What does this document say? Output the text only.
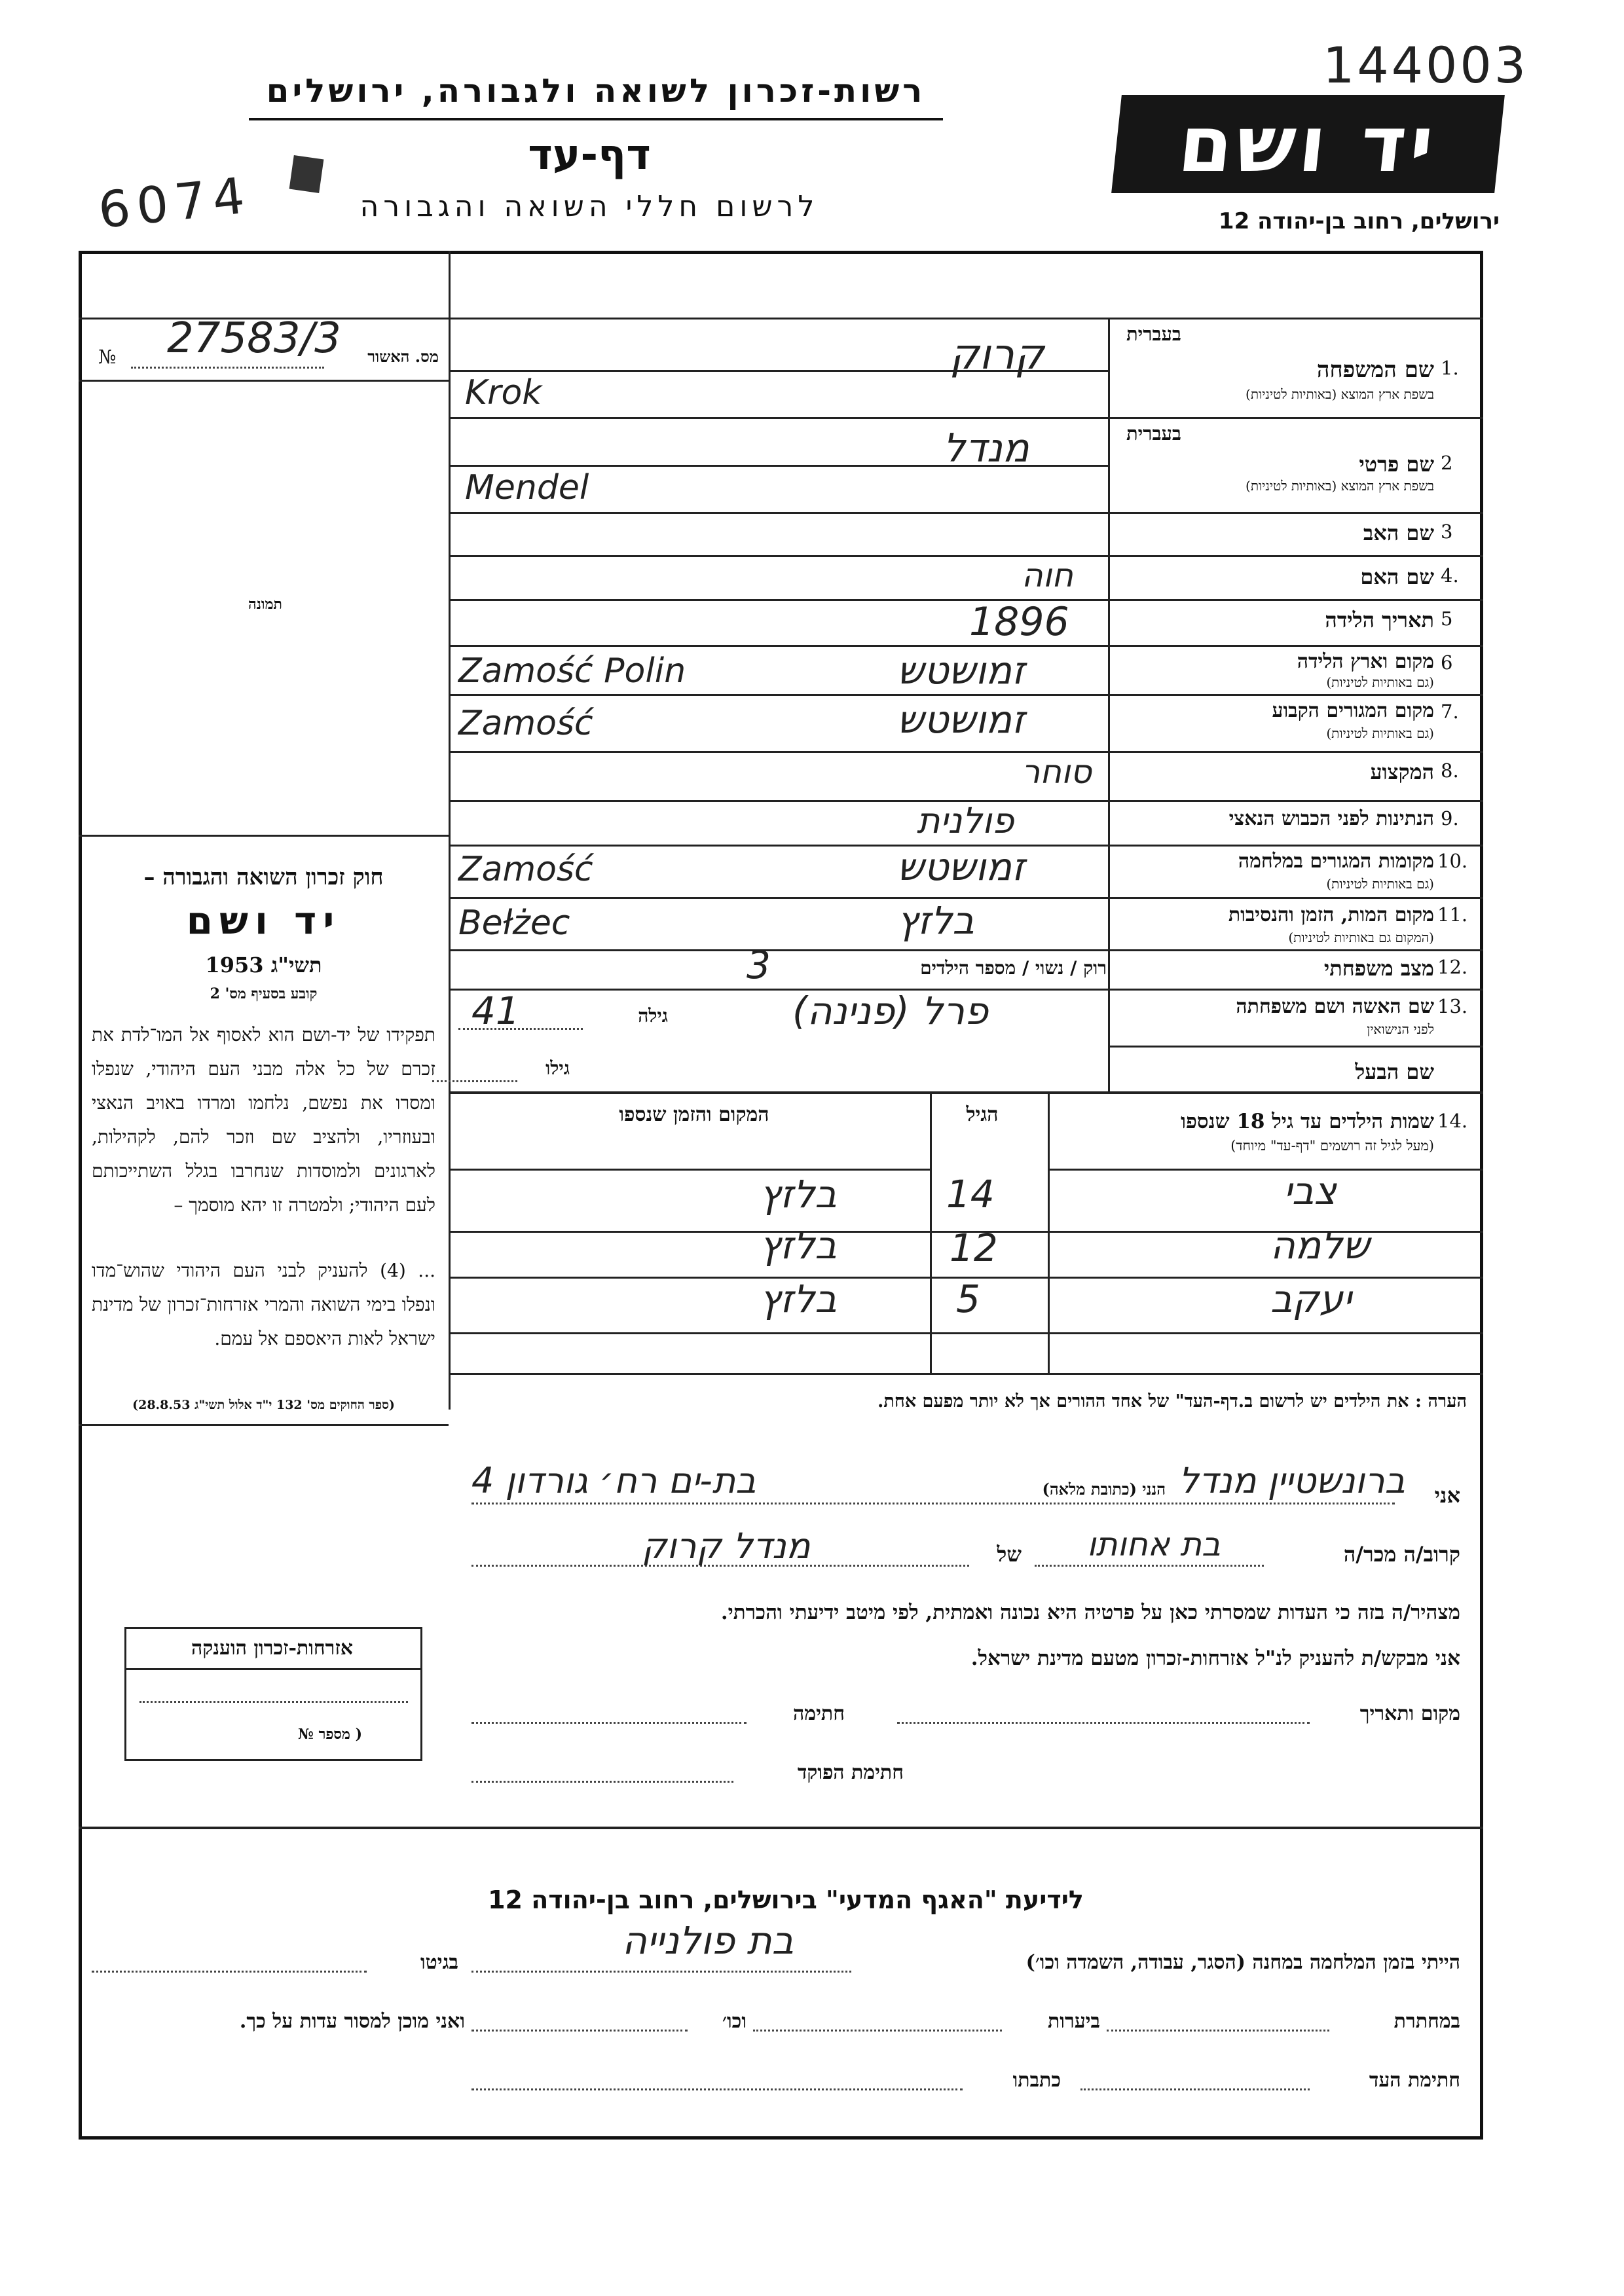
144003
6074
רשות-זכרון לשואה ולגבורה, ירושלים
דף-עד
לרשום חללי השואה והגבורה
יד ושם
ירושלים, רחוב בן-יהודה 12
מס. האשור
№ 27583/3
תמונה
בעברית
1.
שם המשפחה
בשפת ארץ המוצא (באותיות לטיניות)
קרוק
Krok
בעברית
2
שם פרטי
בשפת ארץ המוצא (באותיות לטיניות)
מנדל
Mendel
3
שם האב
4.
שם האם
חוה
5
תאריך הלידה
1896
6
מקום וארץ הלידה
(גם באותיות לטיניות)
זמושטש
Zamość Polin
7.
מקום המגורים הקבוע
(גם באותיות לטיניות)
זמושטש
Zamość
8.
המקצוע
סוחר
9.
הנתינות לפני הכבוש הנאצי
פולנית
10.
מקומות המגורים במלחמה
(גם באותיות לטיניות)
זמושטש
Zamość
11.
מקום המות, הזמן והנסיבות
(המקום גם באותיות לטיניות)
בלזץ
Bełżec
12.
מצב משפחתי
רוק / נשוי / מספר הילדים
3
13.
שם האשה ושם משפחתה
לפני הנישואין
פרל (פנינה)
גילה
41
שם הבעל
גילו
14.
שמות הילדים עד גיל 18 שנספו
(מעל לגיל זה רושמים "דף-עד" מיוחד)
הגיל
המקום והזמן שנספו
צבי
14
בלזץ
שלמה
12
בלזץ
יעקב
5
בלזץ
חוק זכרון השואה והגבורה –
יד ושם
תשי"ג 1953
קובע בסעיף מס' 2
תפקידו של יד-ושם הוא לאסוף אל המו־לדת את זכרם של כל אלה מבני העם היהודי, שנפלו ומסרו את נפשם, נלחמו ומרדו באויב הנאצי ובעוזריו, ולהציב שם וזכר להם, לקהילות, לארגונים ולמוסדות שנחרבו בגלל השתייכותם לעם היהודי; ולמטרה זו יהא מוסמך –
... (4) להעניק לבני העם היהודי שהוש־מדו ונפלו בימי השואה והמרי אזרחות־זכרון של מדינת ישראל לאות היאספם אל עמם.
(ספר החוקים מס' 132 י"ד אלול תשי"ג 28.8.53)	הערה : את הילדים יש לרשום ב.דף-העד" של אחד ההורים אך לא יותר מפעם אחת.
אני
ברונשטיין מנדל
הנני (כתובת מלאה)
בת-ים רח׳ גורדון 4
קרוב/ה מכר/ה
בת אחותו
של
מנדל קרוק
מצהיר/ה בזה כי העדות שמסרתי כאן על פרטיה היא נכונה ואמתית, לפי מיטב ידיעתי והכרתי.
אני מבקש/ת להעניק לנ"ל אזרחות-זכרון מטעם מדינת ישראל.
מקום ותאריך
חתימה
חתימת הפוקד
אזרחות-זכרון הוענקה
( מספר №
לידיעת "האגף המדעי" בירושלים, רחוב בן-יהודה 12
הייתי בזמן המלחמה במחנה (הסגר, עבודה, השמדה וכו׳)
בת פולנייה
בגיטו
במחתרת
ביערות
וכו׳
ואני מוכן למסור עדות על כך.
חתימת העד
כתבתו
